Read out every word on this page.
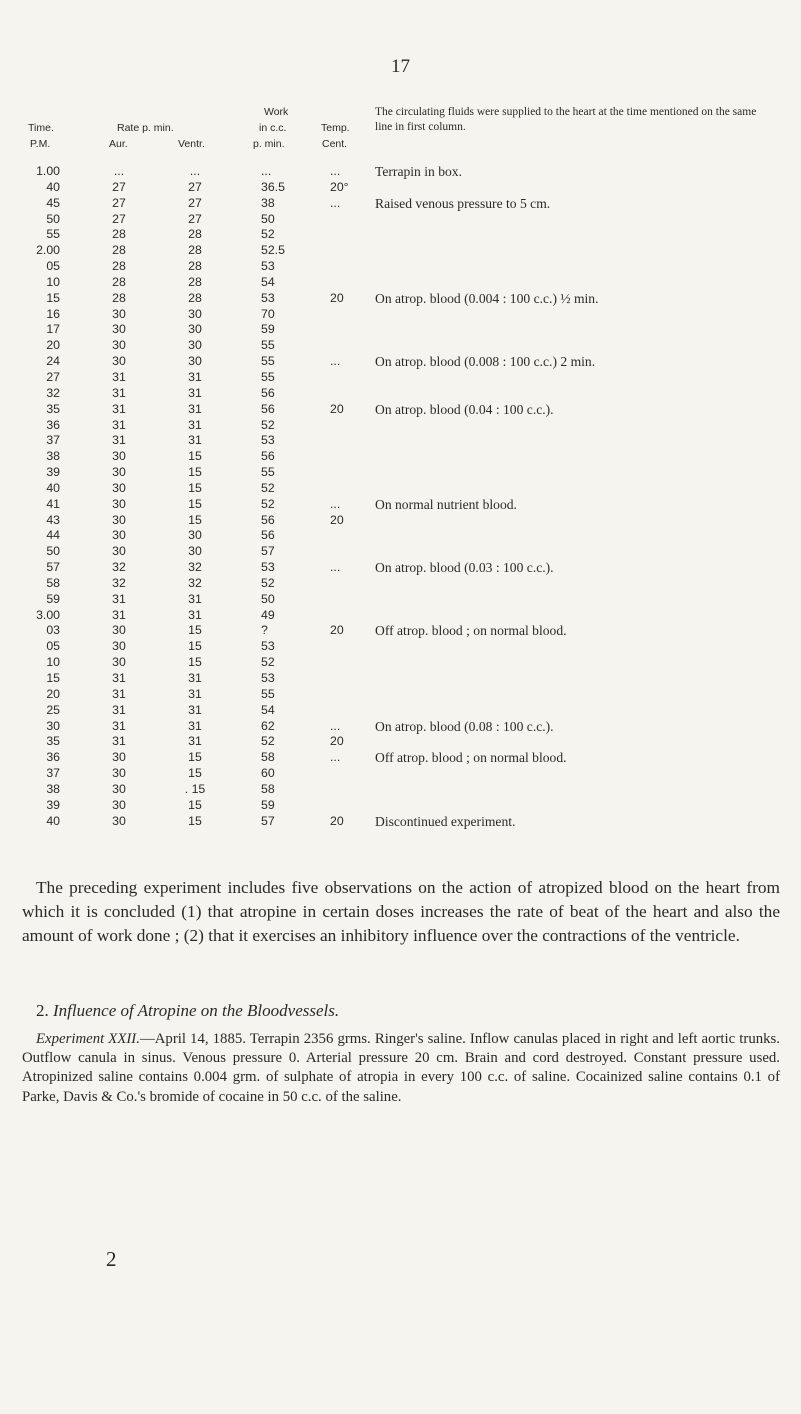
17
Time.
P.M.
Rate p. min.
Aur.	Ventr.
Work
in c.c.
p. min.
Temp.
Cent.
The circulating fluids were supplied to the heart at the time mentioned on the same line in first column.
1.00	...	...	...	...	Terrapin in box.
40	27	27	36.5	20°
45	27	27	38	...	Raised venous pressure to 5 cm.
50	27	27	50
55	28	28	52
2.00	28	28	52.5
05	28	28	53
10	28	28	54
15	28	28	53	20	On atrop. blood (0.004 : 100 c.c.) ½ min.
16	30	30	70
17	30	30	59
20	30	30	55
24	30	30	55	...	On atrop. blood (0.008 : 100 c.c.) 2 min.
27	31	31	55
32	31	31	56
35	31	31	56	20	On atrop. blood (0.04 : 100 c.c.).
36	31	31	52
37	31	31	53
38	30	15	56
39	30	15	55
40	30	15	52
41	30	15	52	...	On normal nutrient blood.
43	30	15	56	20
44	30	30	56
50	30	30	57
57	32	32	53	...	On atrop. blood (0.03 : 100 c.c.).
58	32	32	52
59	31	31	50
3.00	31	31	49
03	30	15	?	20	Off atrop. blood ; on normal blood.
05	30	15	53
10	30	15	52
15	31	31	53
20	31	31	55
25	31	31	54
30	31	31	62	...	On atrop. blood (0.08 : 100 c.c.).
35	31	31	52	20
36	30	15	58	...	Off atrop. blood ; on normal blood.
37	30	15	60
38	30	. 15	58
39	30	15	59
40	30	15	57	20	Discontinued experiment.

The preceding experiment includes five observations on the action of atropized blood on the heart from which it is concluded (1) that atropine in certain doses increases the rate of beat of the heart and also the amount of work done ; (2) that it exercises an inhibitory influence over the contractions of the ventricle.

2. Influence of Atropine on the Bloodvessels.

Experiment XXII.—April 14, 1885. Terrapin 2356 grms. Ringer's saline. Inflow canulas placed in right and left aortic trunks. Outflow canula in sinus. Venous pressure 0. Arterial pressure 20 cm. Brain and cord destroyed. Constant pressure used. Atropinized saline contains 0.004 grm. of sulphate of atropia in every 100 c.c. of saline. Cocainized saline contains 0.1 of Parke, Davis & Co.'s bromide of cocaine in 50 c.c. of the saline.

2
